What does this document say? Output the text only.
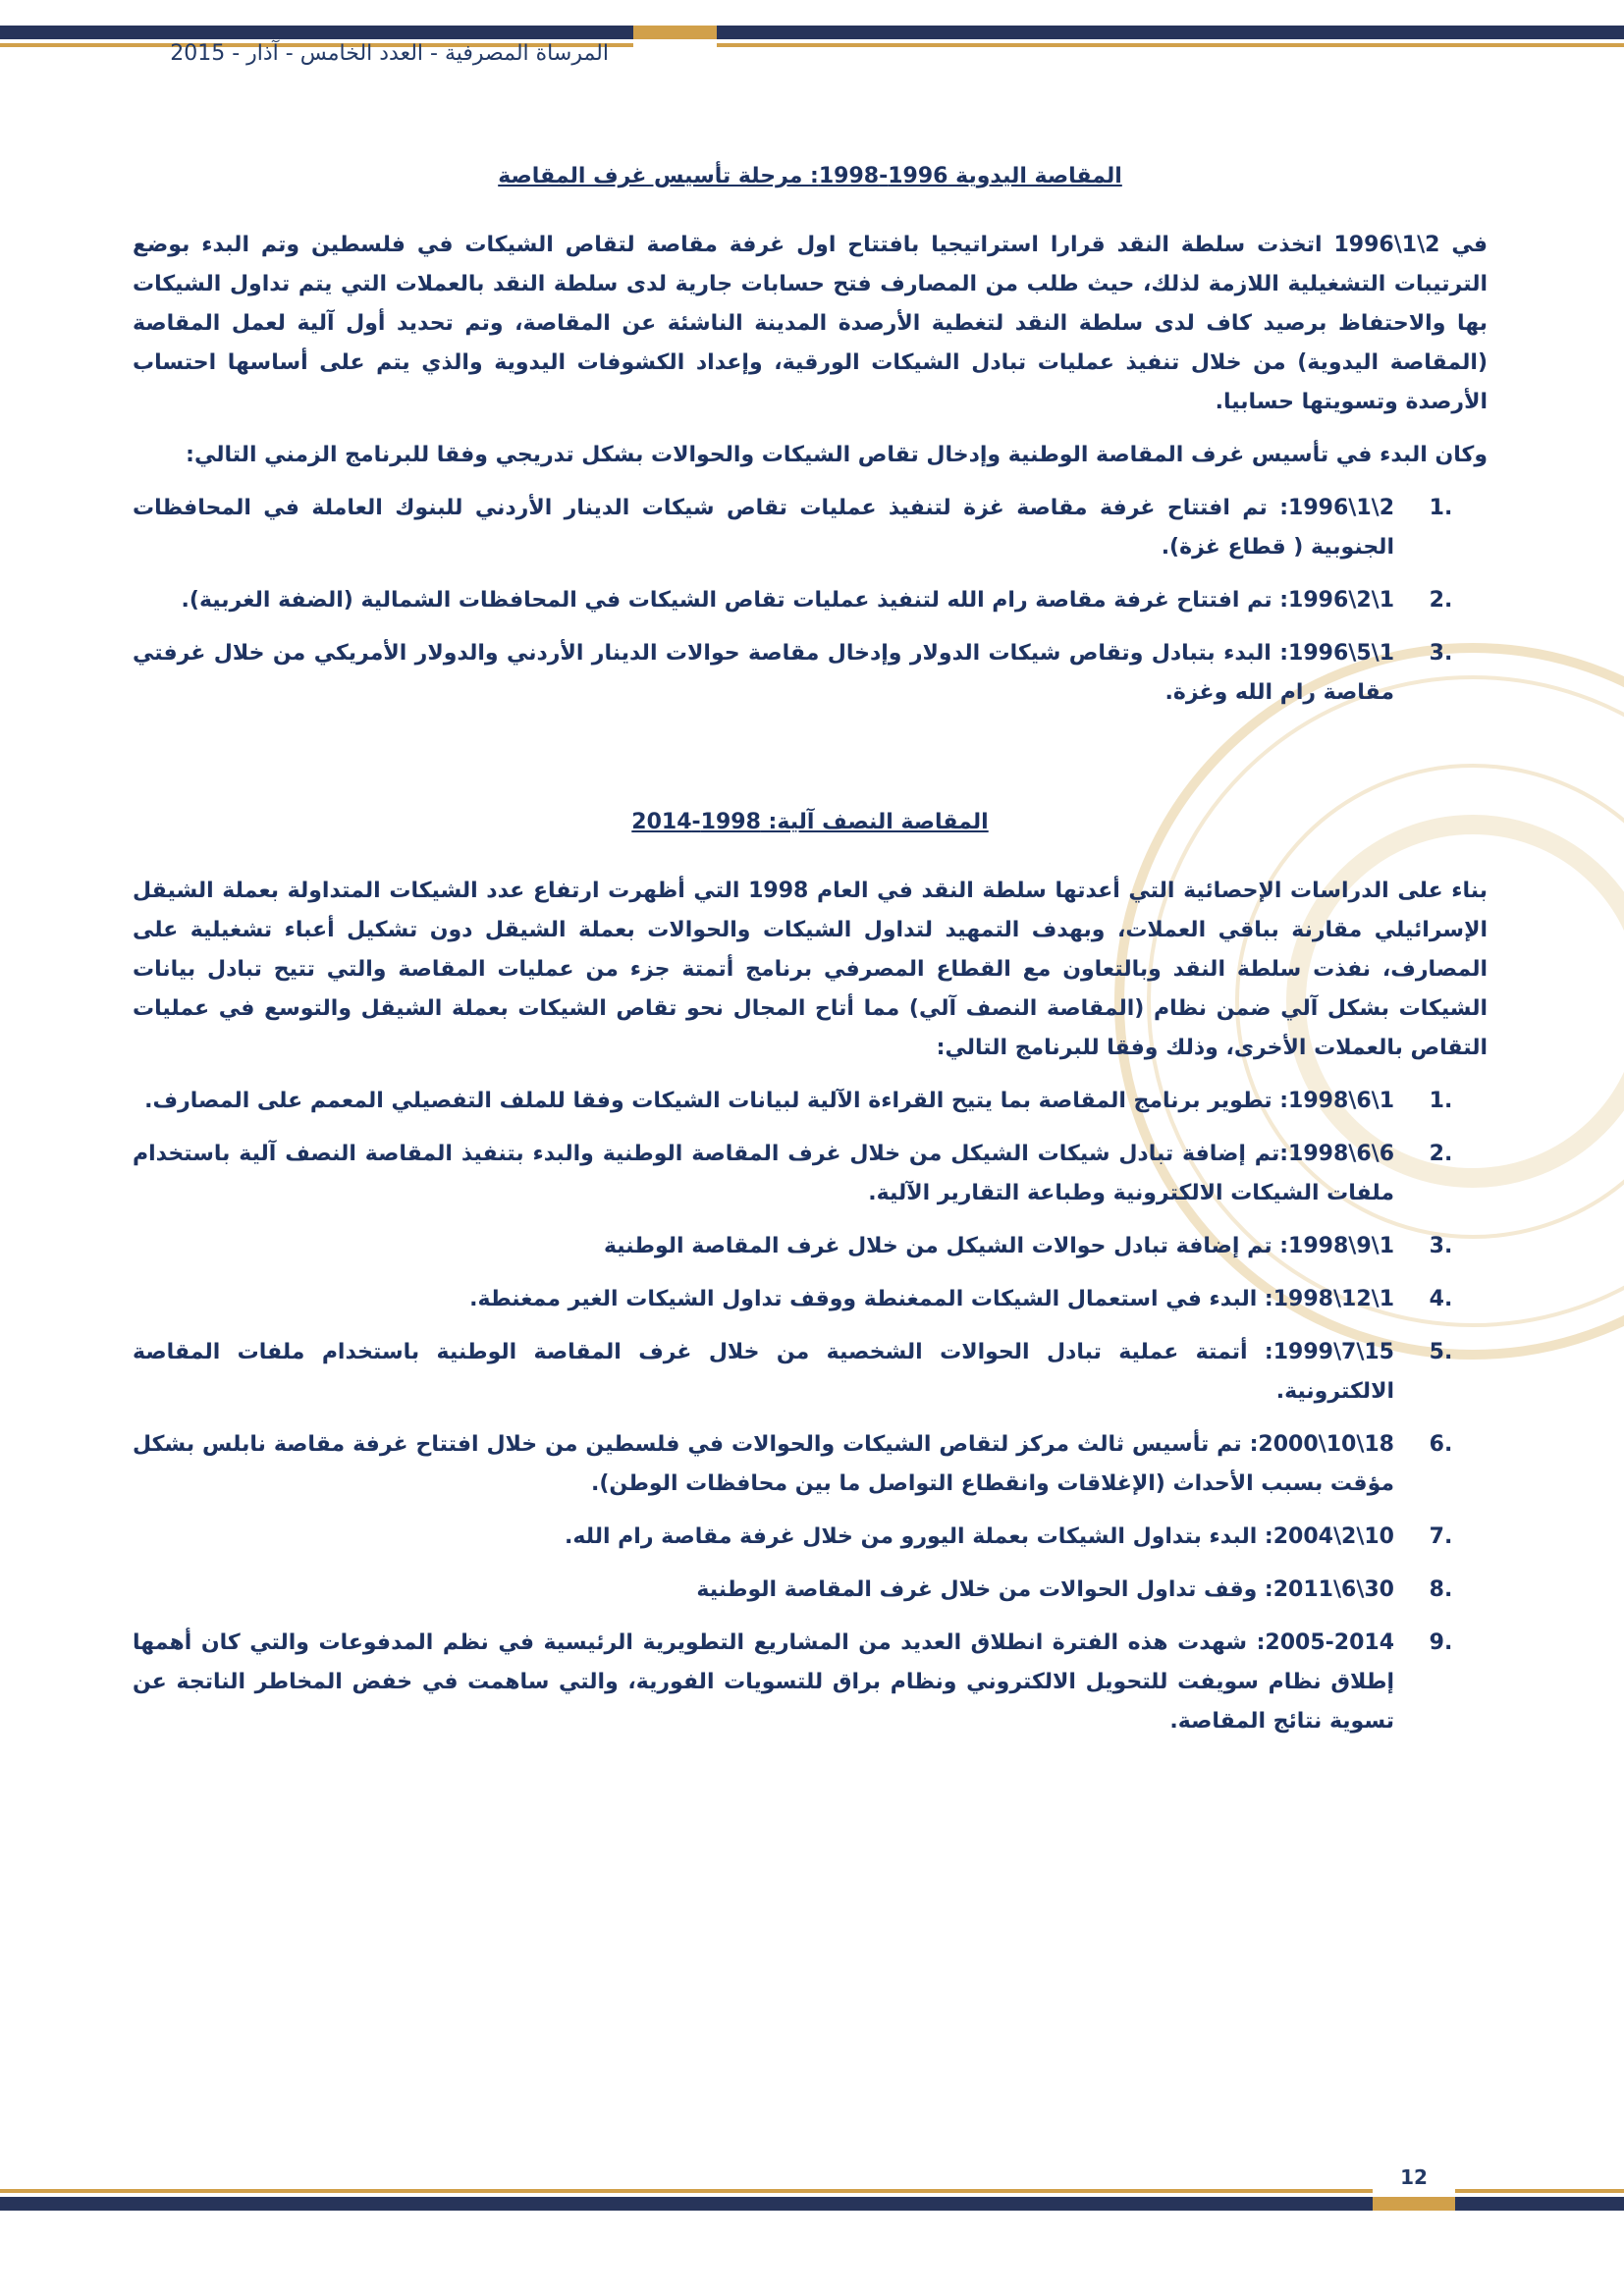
المرساة المصرفية - العدد الخامس - آذار - 2015
المقاصة اليدوية 1996-1998: مرحلة تأسيس غرف المقاصة

في 2\1\1996 اتخذت سلطة النقد قرارا استراتيجيا بافتتاح اول غرفة مقاصة لتقاص الشيكات في فلسطين وتم البدء بوضع الترتيبات التشغيلية اللازمة لذلك، حيث طلب من المصارف فتح حسابات جارية لدى سلطة النقد بالعملات التي يتم تداول الشيكات بها والاحتفاظ برصيد كاف لدى سلطة النقد لتغطية الأرصدة المدينة الناشئة عن المقاصة، وتم تحديد أول آلية لعمل المقاصة (المقاصة اليدوية) من خلال تنفيذ عمليات تبادل الشيكات الورقية، وإعداد الكشوفات اليدوية والذي يتم على أساسها احتساب الأرصدة وتسويتها حسابيا.

وكان البدء في تأسيس غرف المقاصة الوطنية وإدخال تقاص الشيكات والحوالات بشكل تدريجي وفقا للبرنامج الزمني التالي:

1.
2\1\1996: تم افتتاح غرفة مقاصة غزة لتنفيذ عمليات تقاص شيكات الدينار الأردني للبنوك العاملة في المحافظات الجنوبية ( قطاع غزة).
2.
1\2\1996: تم افتتاح غرفة مقاصة رام الله لتنفيذ عمليات تقاص الشيكات في المحافظات الشمالية (الضفة الغربية).
3.
1\5\1996: البدء بتبادل وتقاص شيكات الدولار وإدخال مقاصة حوالات الدينار الأردني والدولار الأمريكي من خلال غرفتي مقاصة رام الله وغزة.
المقاصة النصف آلية: 1998-2014

بناء على الدراسات الإحصائية التي أعدتها سلطة النقد في العام 1998 التي أظهرت ارتفاع عدد الشيكات المتداولة بعملة الشيقل الإسرائيلي مقارنة بباقي العملات، وبهدف التمهيد لتداول الشيكات والحوالات بعملة الشيقل دون تشكيل أعباء تشغيلية على المصارف، نفذت سلطة النقد وبالتعاون مع القطاع المصرفي برنامج أتمتة جزء من عمليات المقاصة والتي تتيح تبادل بيانات الشيكات بشكل آلي ضمن نظام (المقاصة النصف آلي) مما أتاح المجال نحو تقاص الشيكات بعملة الشيقل والتوسع في عمليات التقاص بالعملات الأخرى، وذلك وفقا للبرنامج التالي:

1.
1\6\1998: تطوير برنامج المقاصة بما يتيح القراءة الآلية لبيانات الشيكات وفقا للملف التفصيلي المعمم على المصارف.
2.
6\6\1998:تم إضافة تبادل شيكات الشيكل من خلال غرف المقاصة الوطنية والبدء بتنفيذ المقاصة النصف آلية باستخدام ملفات الشيكات الالكترونية وطباعة التقارير الآلية.
3.
1\9\1998: تم إضافة تبادل حوالات الشيكل من خلال غرف المقاصة الوطنية
4.
1\12\1998: البدء في استعمال الشيكات الممغنطة ووقف تداول الشيكات الغير ممغنطة.
5.
15\7\1999: أتمتة عملية تبادل الحوالات الشخصية من خلال غرف المقاصة الوطنية باستخدام ملفات المقاصة الالكترونية.
6.
18\10\2000: تم تأسيس ثالث مركز لتقاص الشيكات والحوالات في فلسطين من خلال افتتاح غرفة مقاصة نابلس بشكل مؤقت بسبب الأحداث (الإغلاقات وانقطاع التواصل ما بين محافظات الوطن).
7.
10\2\2004: البدء بتداول الشيكات بعملة اليورو من خلال غرفة مقاصة رام الله.
8.
30\6\2011: وقف تداول الحوالات من خلال غرف المقاصة الوطنية
9.
2005-2014: شهدت هذه الفترة انطلاق العديد من المشاريع التطويرية الرئيسية في نظم المدفوعات والتي كان أهمها إطلاق نظام سويفت للتحويل الالكتروني ونظام براق للتسويات الفورية، والتي ساهمت في خفض المخاطر الناتجة عن تسوية نتائج المقاصة.
12
